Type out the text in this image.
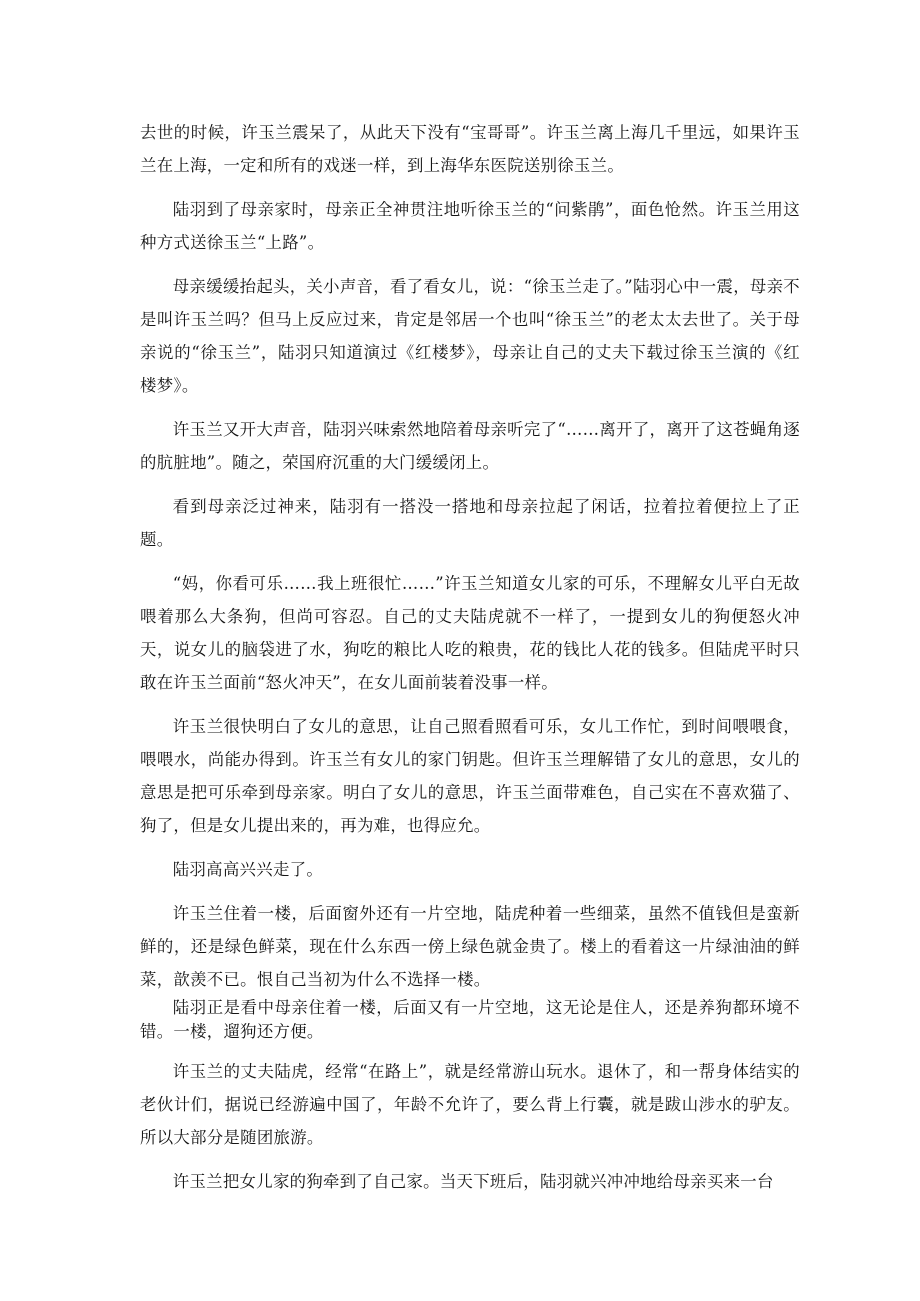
去世的时候，许玉兰震呆了，从此天下没有“宝哥哥”。许玉兰离上海几千里远，如果许玉兰在上海，一定和所有的戏迷一样，到上海华东医院送别徐玉兰。

陆羽到了母亲家时，母亲正全神贯注地听徐玉兰的“问紫鹃”，面色怆然。许玉兰用这种方式送徐玉兰“上路”。

母亲缓缓抬起头，关小声音，看了看女儿，说：“徐玉兰走了。”陆羽心中一震，母亲不是叫许玉兰吗？但马上反应过来，肯定是邻居一个也叫“徐玉兰”的老太太去世了。关于母亲说的“徐玉兰”，陆羽只知道演过《红楼梦》，母亲让自己的丈夫下载过徐玉兰演的《红楼梦》。

许玉兰又开大声音，陆羽兴味索然地陪着母亲听完了“……离开了，离开了这苍蝇角逐的肮脏地”。随之，荣国府沉重的大门缓缓闭上。

看到母亲泛过神来，陆羽有一搭没一搭地和母亲拉起了闲话，拉着拉着便拉上了正题。

“妈，你看可乐……我上班很忙……”许玉兰知道女儿家的可乐，不理解女儿平白无故喂着那么大条狗，但尚可容忍。自己的丈夫陆虎就不一样了，一提到女儿的狗便怒火冲天，说女儿的脑袋进了水，狗吃的粮比人吃的粮贵，花的钱比人花的钱多。但陆虎平时只敢在许玉兰面前“怒火冲天”，在女儿面前装着没事一样。

许玉兰很快明白了女儿的意思，让自己照看照看可乐，女儿工作忙，到时间喂喂食，喂喂水，尚能办得到。许玉兰有女儿的家门钥匙。但许玉兰理解错了女儿的意思，女儿的意思是把可乐牵到母亲家。明白了女儿的意思，许玉兰面带难色，自己实在不喜欢猫了、狗了，但是女儿提出来的，再为难，也得应允。

陆羽高高兴兴走了。

许玉兰住着一楼，后面窗外还有一片空地，陆虎种着一些细菜，虽然不值钱但是蛮新鲜的，还是绿色鲜菜，现在什么东西一傍上绿色就金贵了。楼上的看着这一片绿油油的鲜菜，歆羡不已。恨自己当初为什么不选择一楼。

陆羽正是看中母亲住着一楼，后面又有一片空地，这无论是住人，还是养狗都环境不错。一楼，遛狗还方便。

许玉兰的丈夫陆虎，经常“在路上”，就是经常游山玩水。退休了，和一帮身体结实的老伙计们，据说已经游遍中国了，年龄不允许了，要么背上行囊，就是跋山涉水的驴友。所以大部分是随团旅游。

许玉兰把女儿家的狗牵到了自己家。当天下班后，陆羽就兴冲冲地给母亲买来一台
